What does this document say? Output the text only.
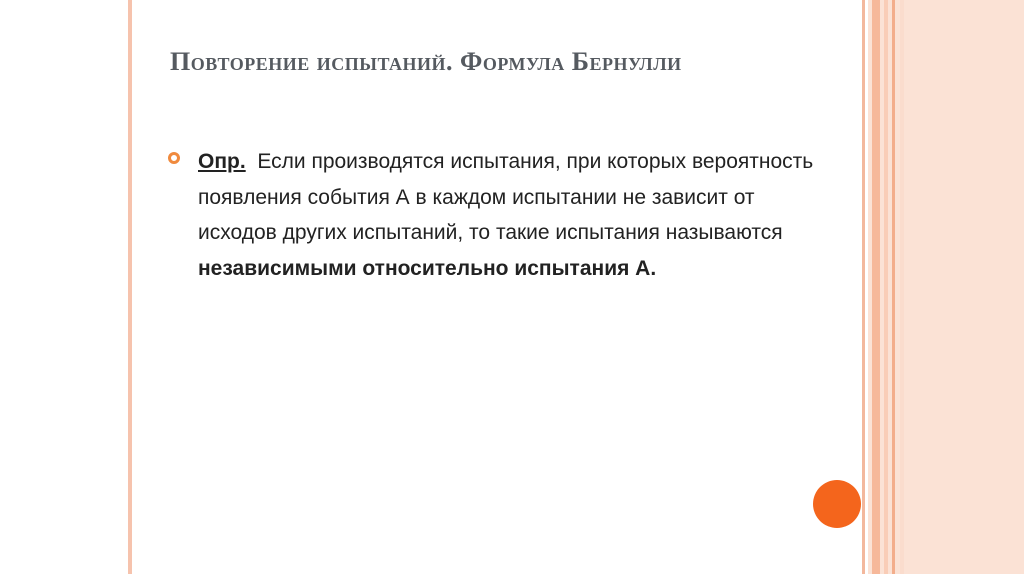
Повторение испытаний. Формула Бернулли
Опр. Если производятся испытания, при которых вероятность появления события А в каждом испытании не зависит от исходов других испытаний, то такие испытания называются независимыми относительно испытания А.
